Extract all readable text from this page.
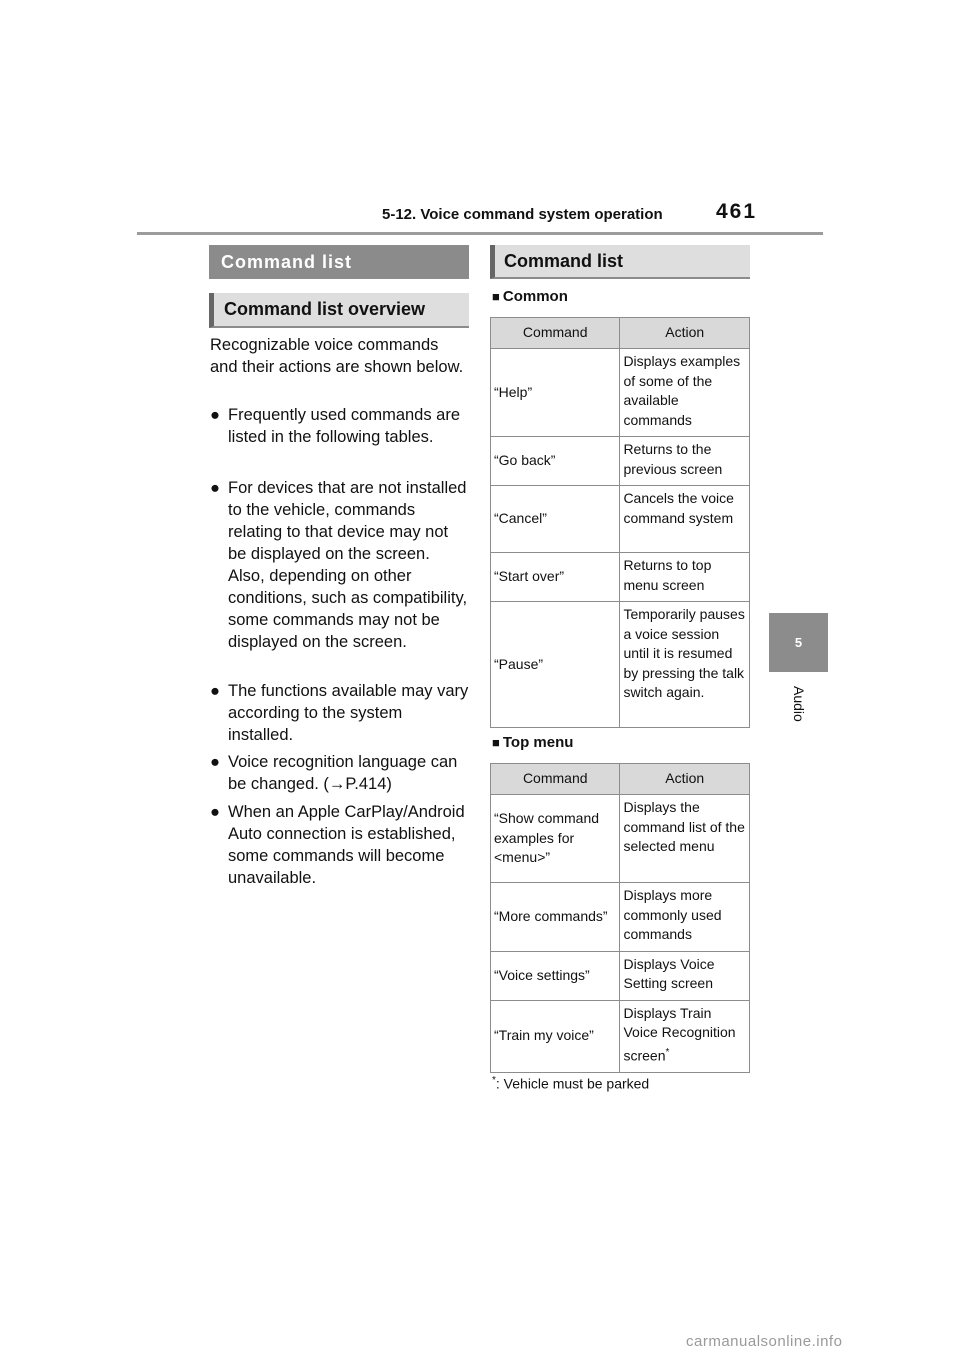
5-12. Voice command system operation	461
5
Audio
Command list
Command list overview
Recognizable voice commands and their actions are shown below.
● Frequently used commands are listed in the following tables.
● For devices that are not installed to the vehicle, commands relating to that device may not be displayed on the screen. Also, depending on other conditions, such as compatibility, some commands may not be displayed on the screen.
● The functions available may vary according to the system installed.
● Voice recognition language can be changed. (→P.414)
● When an Apple CarPlay/Android Auto connection is established, some commands will become unavailable.
Command list
■ Common
Command	Action
“Help”	Displays examples of some of the available commands
“Go back”	Returns to the previous screen
“Cancel”	Cancels the voice command system
“Start over”	Returns to top menu screen
“Pause”	Temporarily pauses a voice session until it is resumed by pressing the talk switch again.
■ Top menu
Command	Action
“Show command examples for <menu>”	Displays the command list of the selected menu
“More commands”	Displays more commonly used commands
“Voice settings”	Displays Voice Setting screen
“Train my voice”	Displays Train Voice Recognition screen*
*: Vehicle must be parked
carmanualsonline.info
